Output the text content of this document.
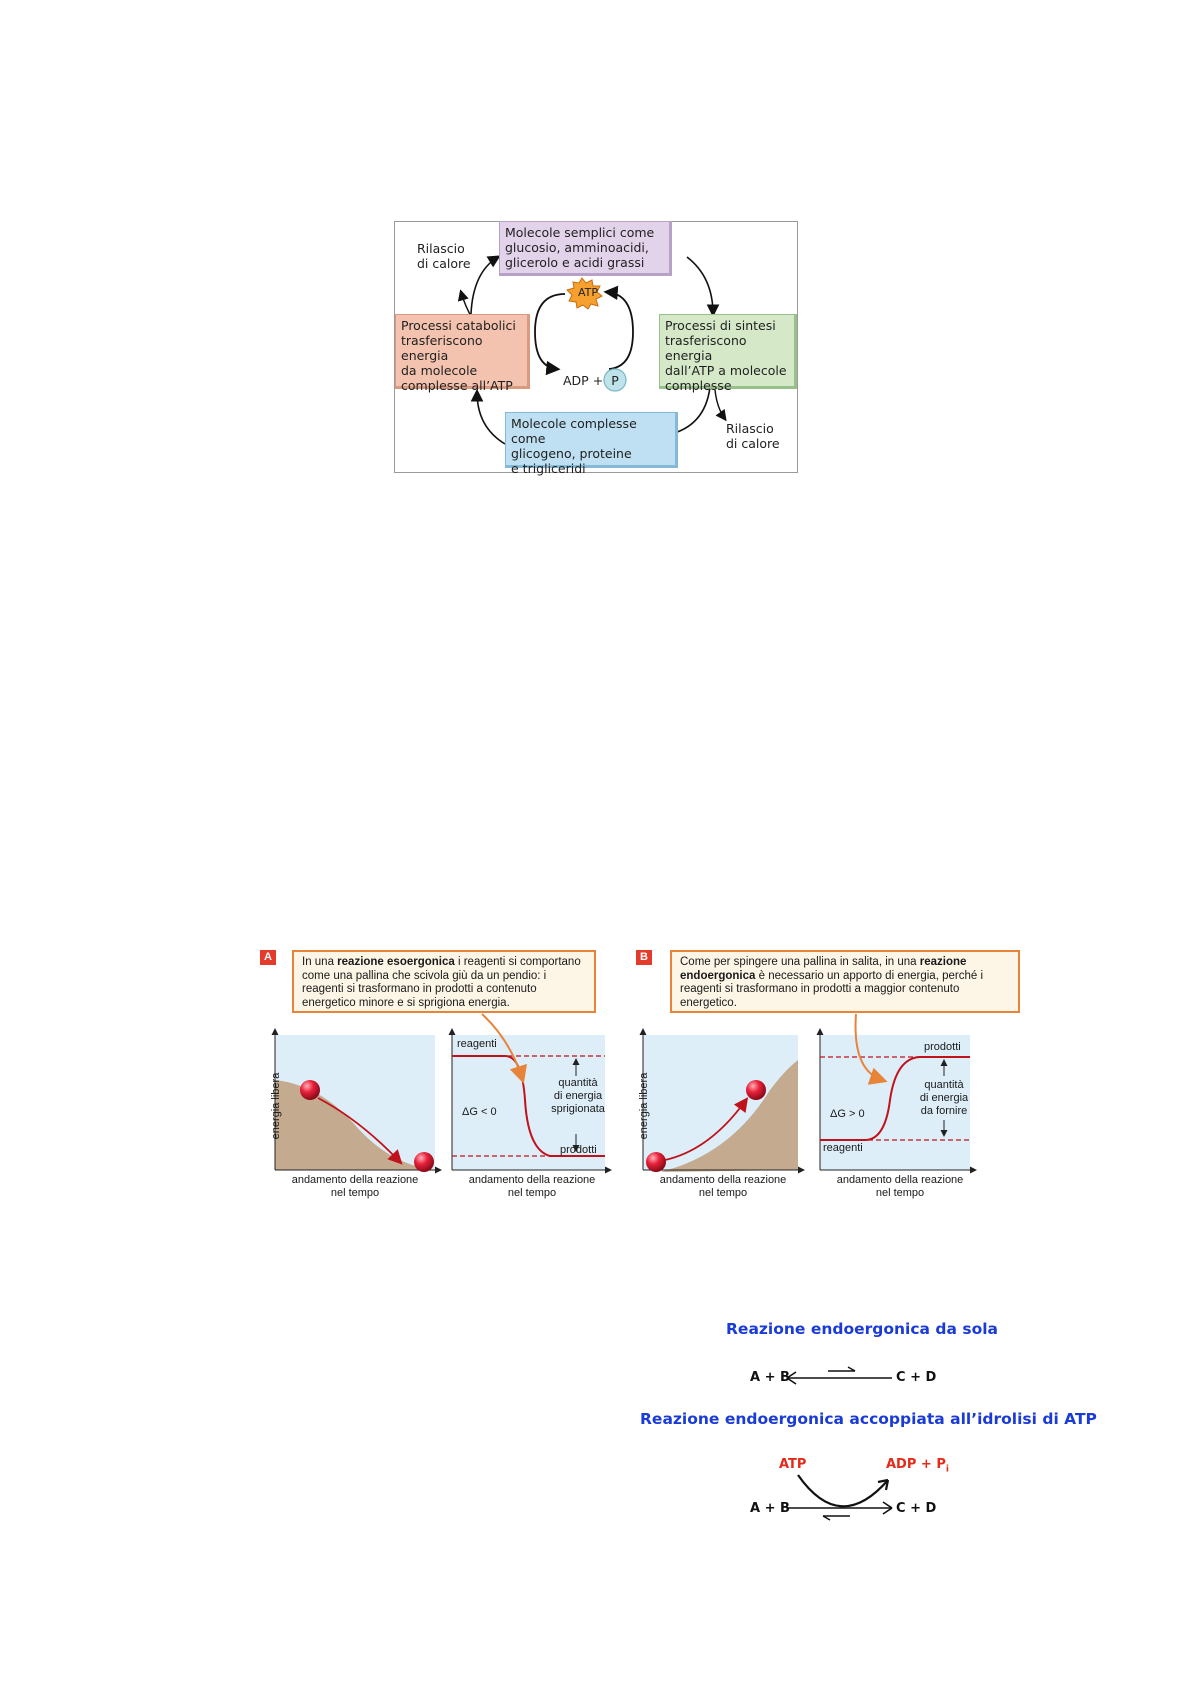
Molecole semplici come
glucosio, amminoacidi,
glicerolo e acidi grassi
Processi catabolici
trasferiscono energia
da molecole
complesse all’ATP
Processi di sintesi
trasferiscono energia
dall’ATP a molecole
complesse
Molecole complesse come
glicogeno, proteine
e trigliceridi
Rilascio
di calore
Rilascio
di calore
ATP
ADP + P
A	In una reazione esoergonica i reagenti si comportano come una pallina che scivola giù da un pendio: i reagenti si trasformano in prodotti a contenuto energetico minore e si sprigiona energia.
B	Come per spingere una pallina in salita, in una reazione endoergonica è necessario un apporto di energia, perché i reagenti si trasformano in prodotti a maggior contenuto energetico.
energia libera
andamento della reazione
nel tempo
andamento della reazione
nel tempo
reagenti
prodotti
ΔG < 0
quantità
di energia
sprigionata	energia libera
andamento della reazione
nel tempo
andamento della reazione
nel tempo
prodotti
reagenti
ΔG > 0
quantità
di energia
da fornire
Reazione endoergonica da sola
A + B	C + D
Reazione endoergonica accoppiata all’idrolisi di ATP
ATP	ADP + $P_i$
A + B	C + D
